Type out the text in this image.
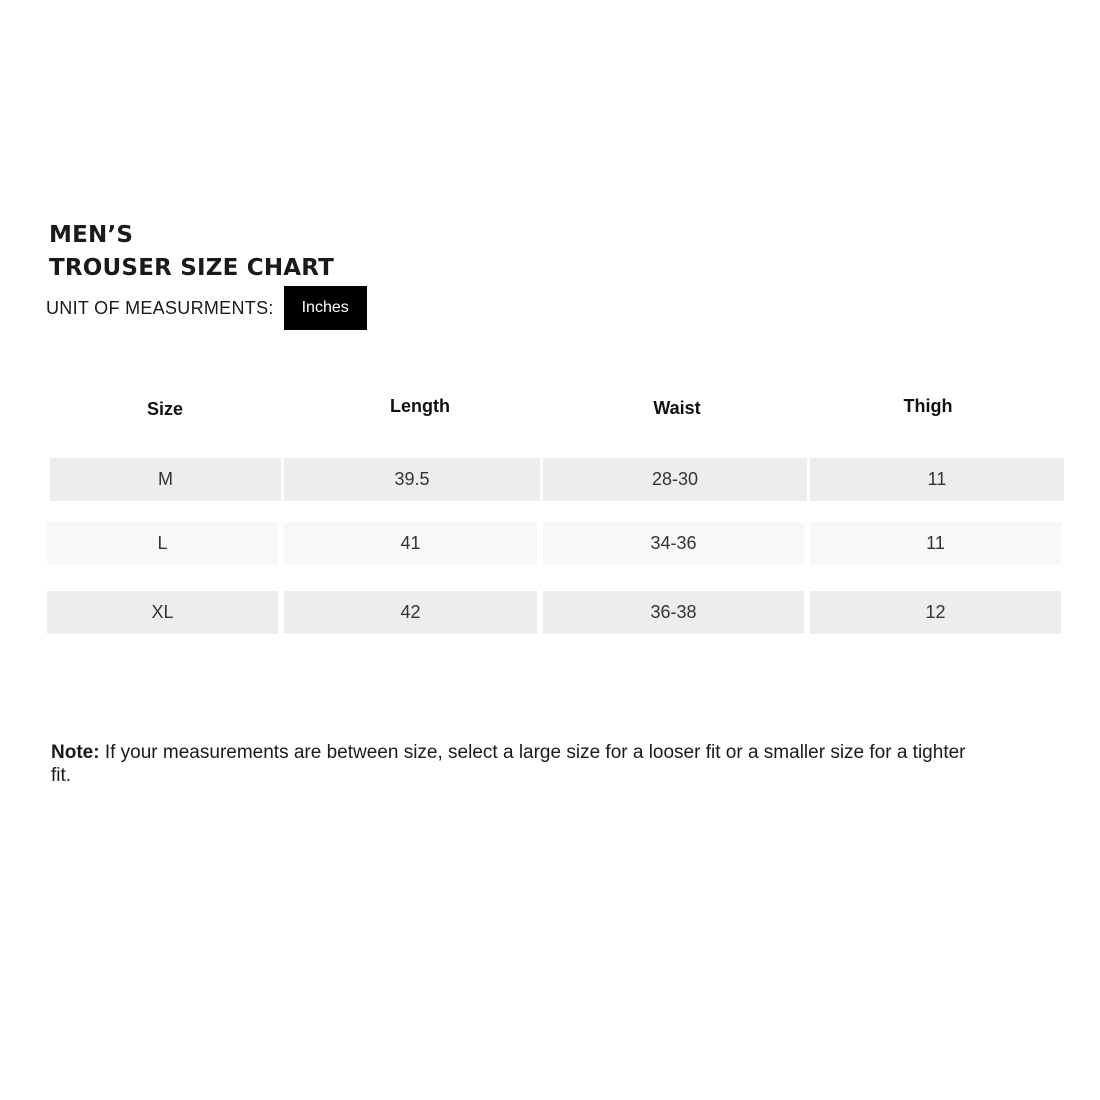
MEN’S
TROUSER SIZE CHART
UNIT OF MEASURMENTS:	Inches
Size	Length	Waist	Thigh
M	39.5	28-30	11
L	41	34-36	11
XL	42	36-38	12
Note: If your measurements are between size, select a large size for a looser fit or a smaller size for a tighter fit.
